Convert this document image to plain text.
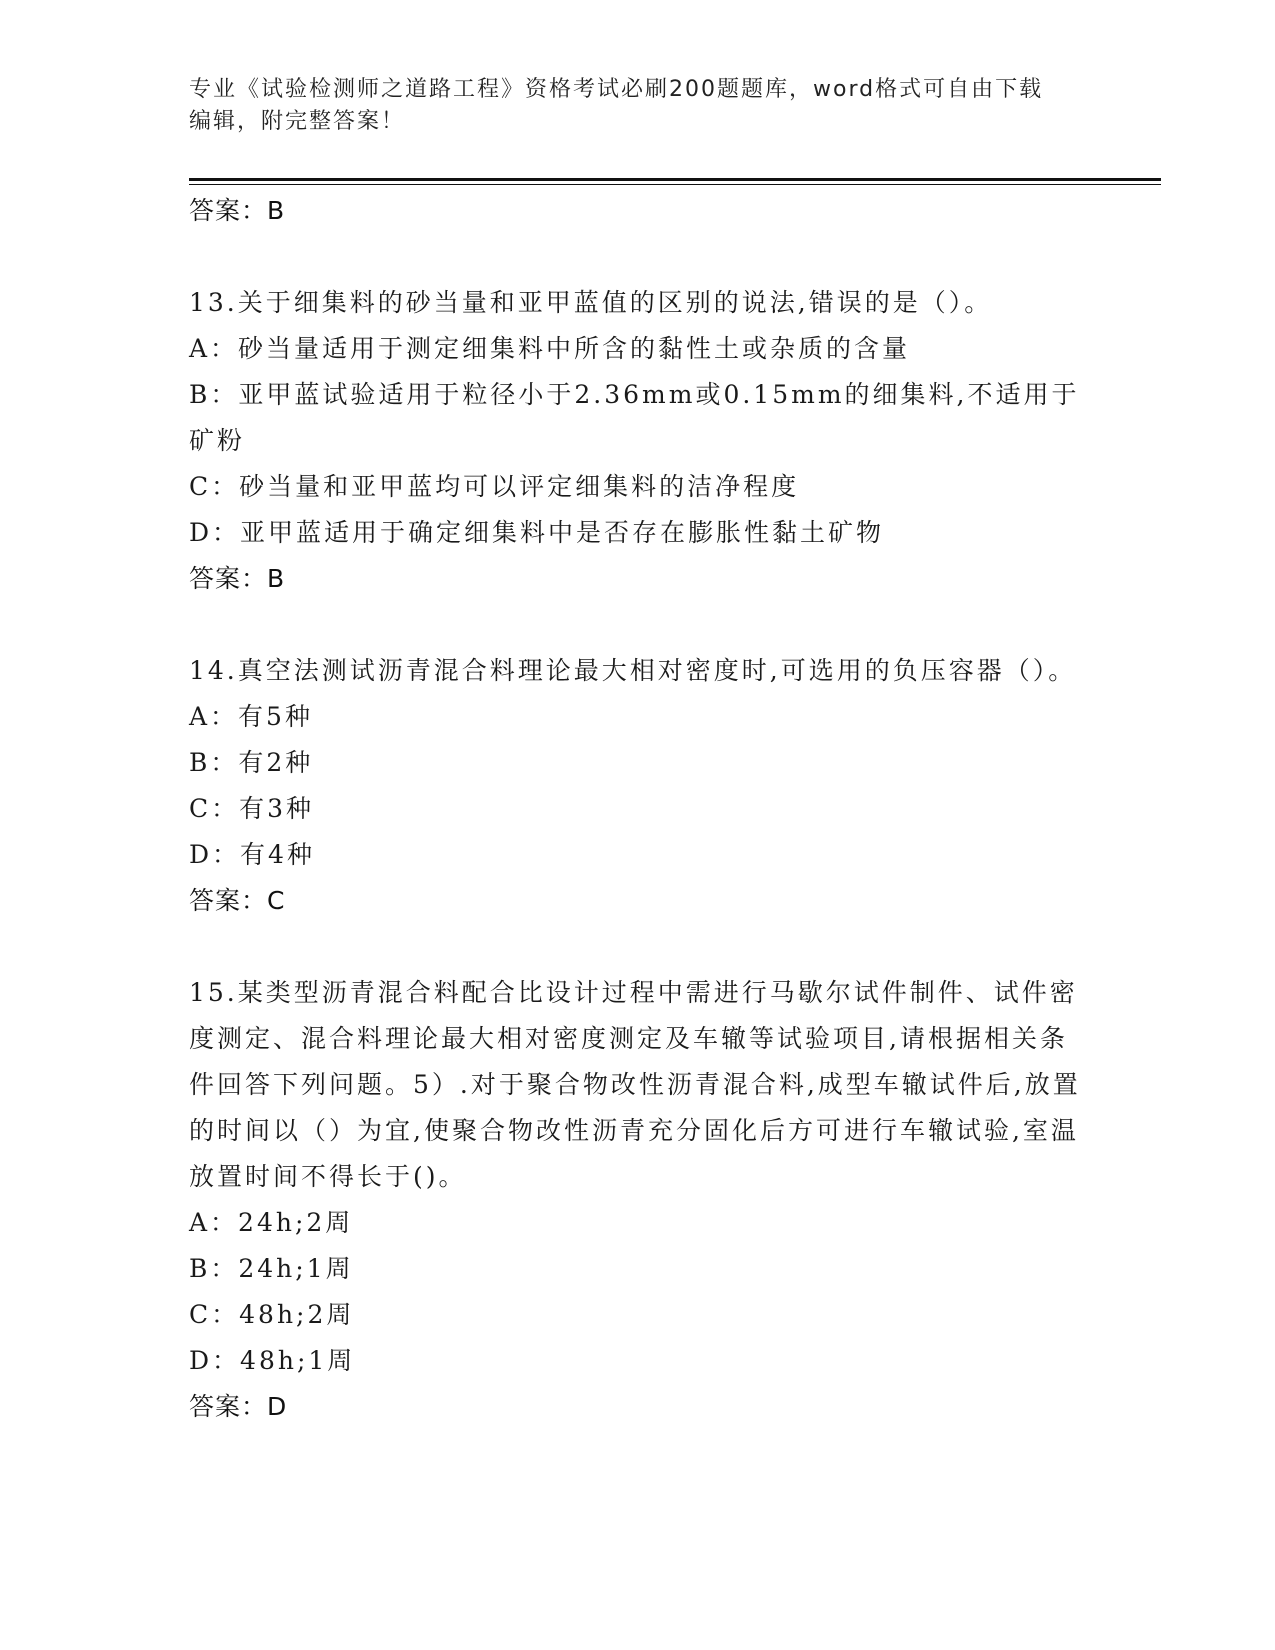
专业《试验检测师之道路工程》资格考试必刷200题题库，word格式可自由下载
编辑，附完整答案！
答案：B
13.关于细集料的砂当量和亚甲蓝值的区别的说法,错误的是（）。
A：砂当量适用于测定细集料中所含的黏性土或杂质的含量
B：亚甲蓝试验适用于粒径小于2.36mm或0.15mm的细集料,不适用于矿粉
C：砂当量和亚甲蓝均可以评定细集料的洁净程度
D：亚甲蓝适用于确定细集料中是否存在膨胀性黏土矿物
答案：B
14.真空法测试沥青混合料理论最大相对密度时,可选用的负压容器（）。
A：有5种
B：有2种
C：有3种
D：有4种
答案：C
15.某类型沥青混合料配合比设计过程中需进行马歇尔试件制件、试件密度测定、混合料理论最大相对密度测定及车辙等试验项目,请根据相关条件回答下列问题。5）.对于聚合物改性沥青混合料,成型车辙试件后,放置的时间以（）为宜,使聚合物改性沥青充分固化后方可进行车辙试验,室温放置时间不得长于()。
A：24h;2周
B：24h;1周
C：48h;2周
D：48h;1周
答案：D
